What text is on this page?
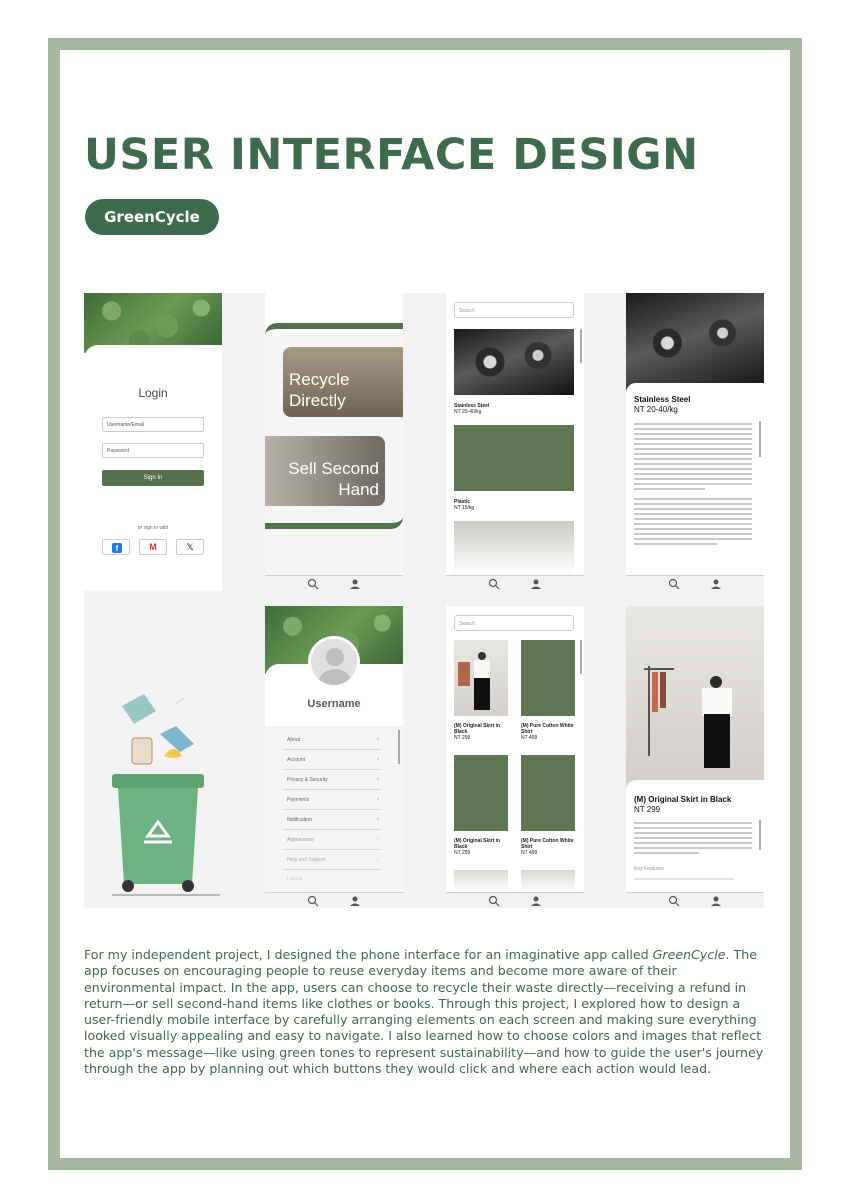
USER INTERFACE DESIGN
GreenCycle
Login
Username/Email
Password
Sign In
or sign in with
f	M	𝕏
Recycle Directly
Sell Second Hand
Search
Stainless Steel
NT 20-40/kg
Plastic
NT 15/kg
Stainless Steel
NT 20-40/kg
Username
About	›
Account	›
Privacy & Security	›
Payments	›
Notification	›
Appearance	›
Help and Support	›
Logout	›
Search
(M) Original Skirt in Black
NT 299
(M) Pure Cotton White Shirt
NT 499
(M) Original Skirt in Black
NT 299
(M) Pure Cotton White Shirt
NT 499
(M) Original Skirt in Black
NT 299
Key Features

For my independent project, I designed the phone interface for an imaginative app called GreenCycle. The app focuses on encouraging people to reuse everyday items and become more aware of their environmental impact. In the app, users can choose to recycle their waste directly—receiving a refund in return—or sell second-hand items like clothes or books. Through this project, I explored how to design a user-friendly mobile interface by carefully arranging elements on each screen and making sure everything looked visually appealing and easy to navigate. I also learned how to choose colors and images that reflect the app's message—like using green tones to represent sustainability—and how to guide the user's journey through the app by planning out which buttons they would click and where each action would lead.
